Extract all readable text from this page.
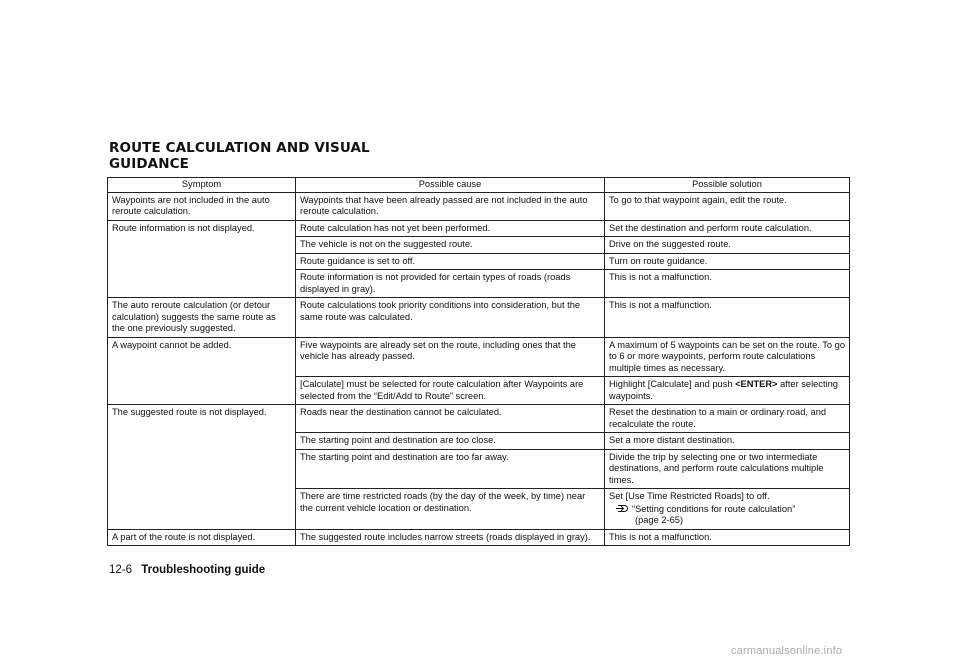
ROUTE CALCULATION AND VISUAL
GUIDANCE
Symptom	Possible cause	Possible solution
Waypoints are not included in the auto reroute calculation.	Waypoints that have been already passed are not included in the auto reroute calculation.	To go to that waypoint again, edit the route.
Route information is not displayed.	Route calculation has not yet been performed.	Set the destination and perform route calculation.
	The vehicle is not on the suggested route.	Drive on the suggested route.
	Route guidance is set to off.	Turn on route guidance.
	Route information is not provided for certain types of roads (roads displayed in gray).	This is not a malfunction.
The auto reroute calculation (or detour calculation) suggests the same route as the one previously suggested.	Route calculations took priority conditions into consideration, but the same route was calculated.	This is not a malfunction.
A waypoint cannot be added.	Five waypoints are already set on the route, including ones that the vehicle has already passed.	A maximum of 5 waypoints can be set on the route. To go to 6 or more waypoints, perform route calculations multiple times as necessary.
	[Calculate] must be selected for route calculation after Waypoints are selected from the “Edit/Add to Route” screen.	Highlight [Calculate] and push <ENTER> after selecting waypoints.
The suggested route is not displayed.	Roads near the destination cannot be calculated.	Reset the destination to a main or ordinary road, and recalculate the route.
	The starting point and destination are too close.	Set a more distant destination.
	The starting point and destination are too far away.	Divide the trip by selecting one or two intermediate destinations, and perform route calculations multiple times.
	There are time restricted roads (by the day of the week, by time) near the current vehicle location or destination.	Set [Use Time Restricted Roads] to off.
“Setting conditions for route calculation”
(page 2-65)

A part of the route is not displayed.	The suggested route includes narrow streets (roads displayed in gray).	This is not a malfunction.
12-6 Troubleshooting guide
carmanualsonline.info
